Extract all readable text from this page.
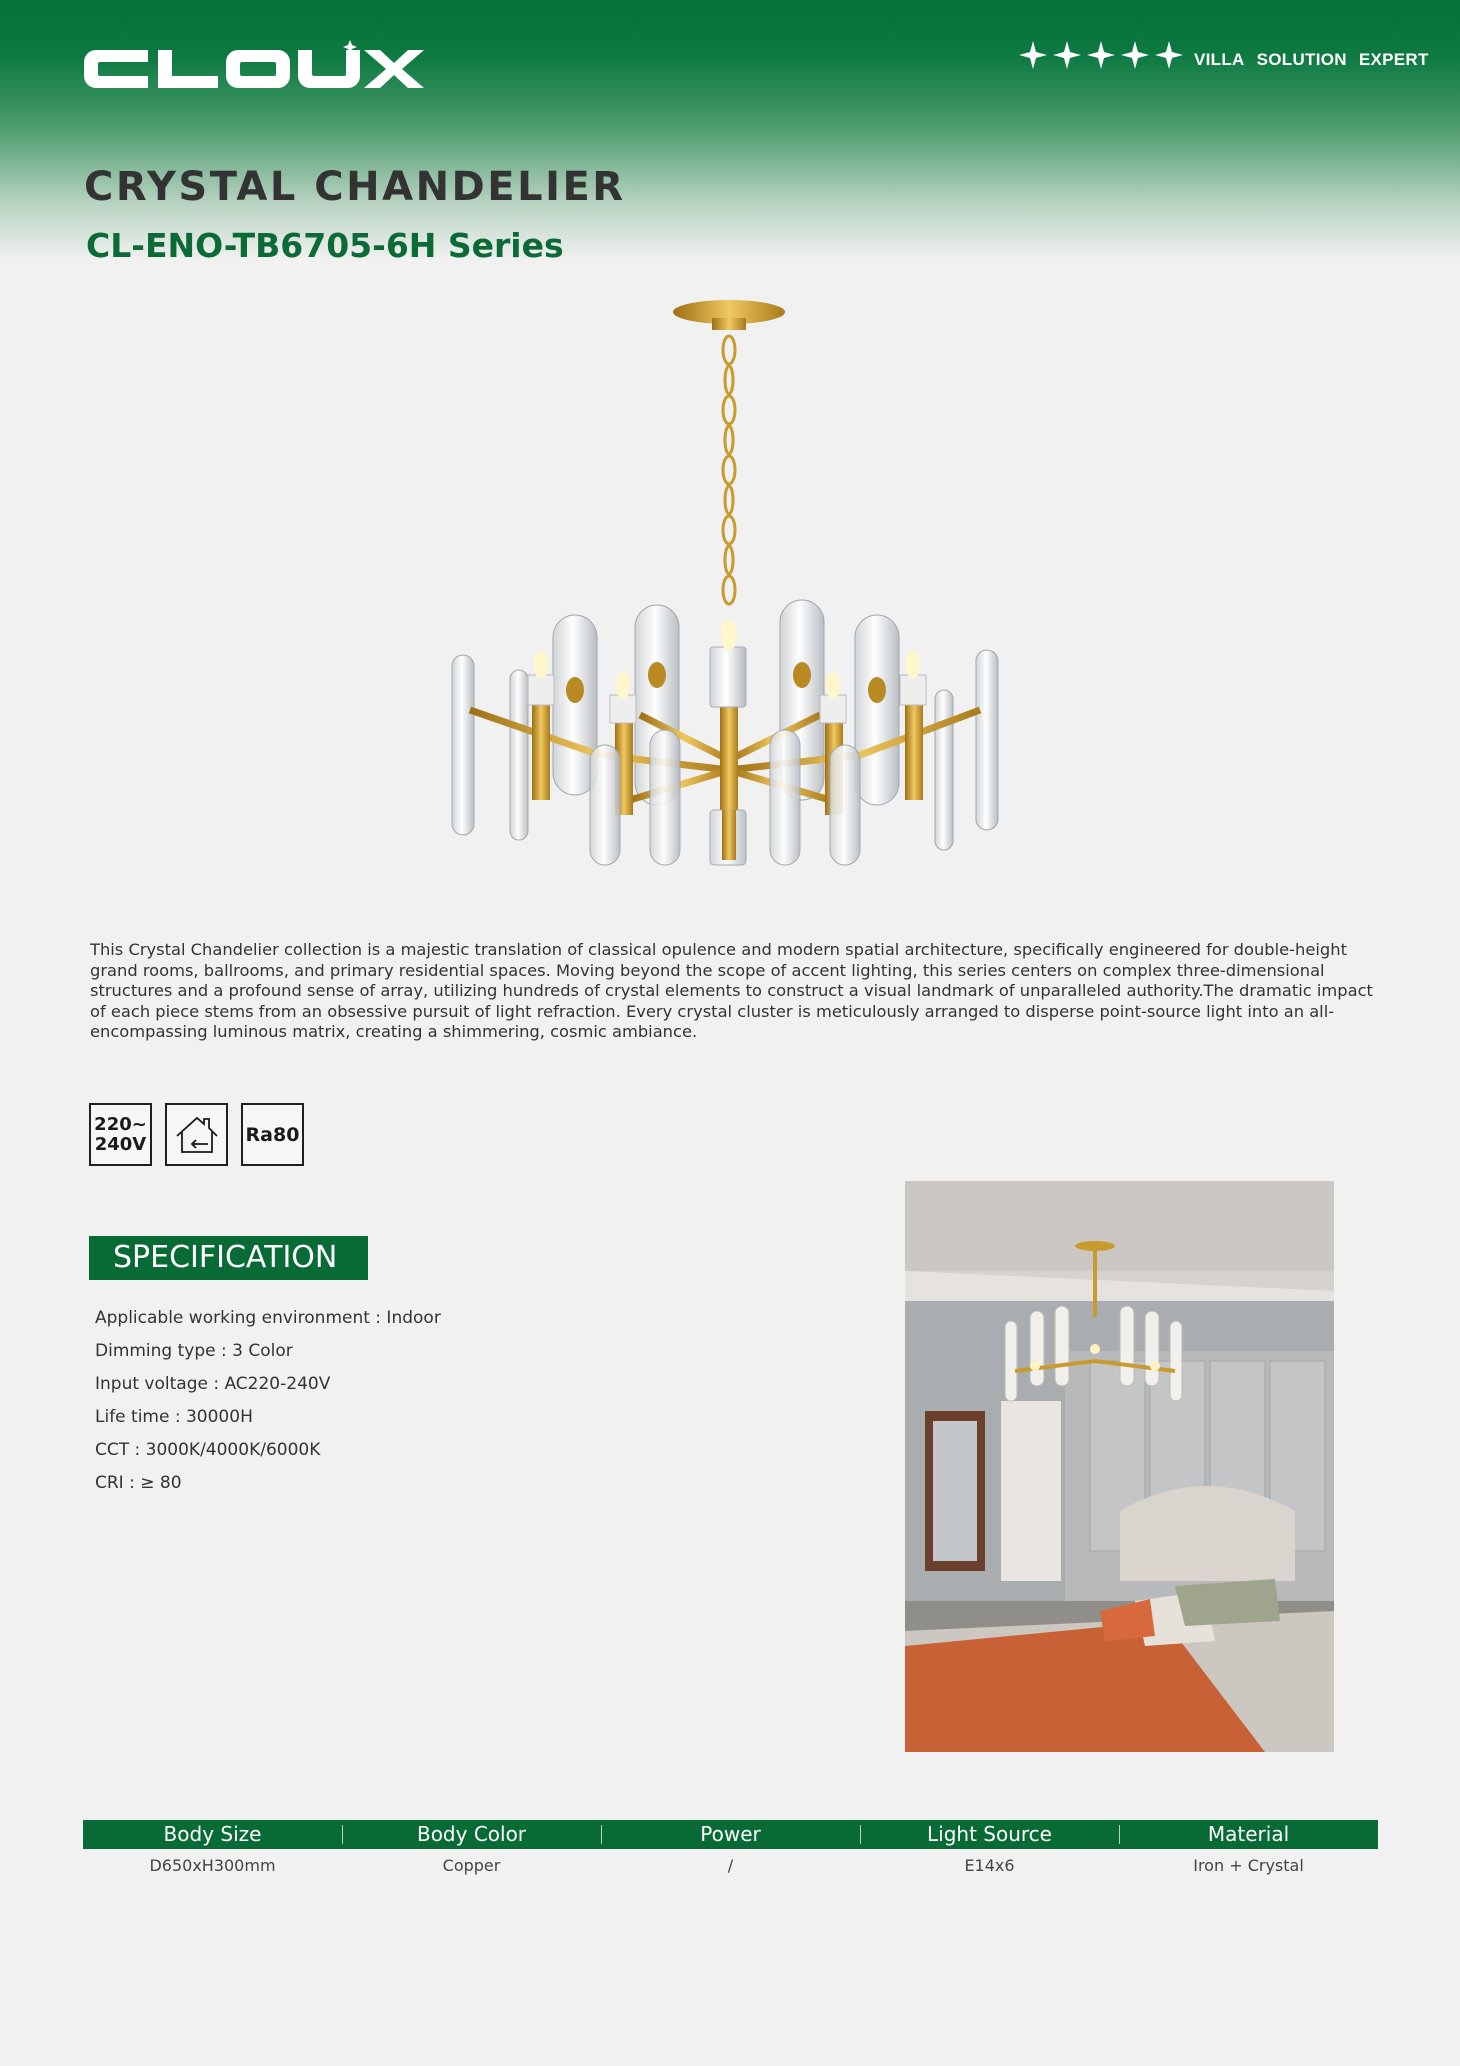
VILLA SOLUTION EXPERT
CRYSTAL CHANDELIER
CL-ENO-TB6705-6H Series

This Crystal Chandelier collection is a majestic translation of classical opulence and modern spatial architecture, specifically engineered for double-height grand rooms, ballrooms, and primary residential spaces. Moving beyond the scope of accent lighting, this series centers on complex three-dimensional structures and a profound sense of array, utilizing hundreds of crystal elements to construct a visual landmark of unparalleled authority.The dramatic impact of each piece stems from an obsessive pursuit of light refraction. Every crystal cluster is meticulously arranged to disperse point-source light into an all-encompassing luminous matrix, creating a shimmering, cosmic ambiance.

220~
240V	Ra80
SPECIFICATION
Applicable working environment : Indoor
Dimming type : 3 Color
Input voltage : AC220-240V
Life time : 30000H
CCT : 3000K/4000K/6000K
CRI : ≥ 80
Body Size	Body Color	Power	Light Source	Material
D650xH300mm	Copper	/	E14x6	Iron + Crystal
